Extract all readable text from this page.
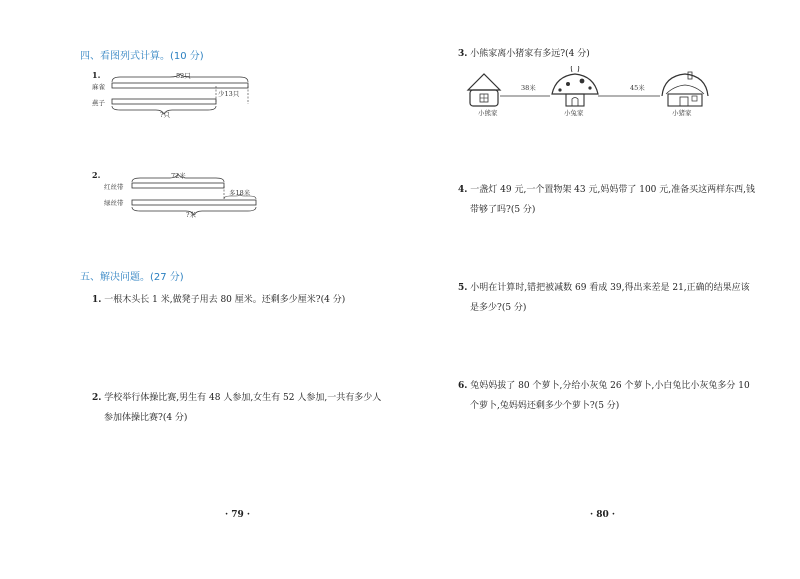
四、看图列式计算。(10 分)
1.
麻雀
燕子
52只
少13只
?只
2.
红丝带
绿丝带
72米
多18米
?米
五、解决问题。(27 分)
1. 一根木头长 1 米,做凳子用去 80 厘米。还剩多少厘米?(4 分)
2. 学校举行体操比赛,男生有 48 人参加,女生有 52 人参加,一共有多少人
参加体操比赛?(4 分)
· 79 ·
3. 小熊家离小猪家有多远?(4 分)
38米	45米
小熊家	小兔家	小猪家
4. 一盏灯 49 元,一个置物架 43 元,妈妈带了 100 元,准备买这两样东西,钱
带够了吗?(5 分)
5. 小明在计算时,错把被减数 69 看成 39,得出来差是 21,正确的结果应该
是多少?(5 分)
6. 兔妈妈拔了 80 个萝卜,分给小灰兔 26 个萝卜,小白兔比小灰兔多分 10
个萝卜,兔妈妈还剩多少个萝卜?(5 分)
· 80 ·
